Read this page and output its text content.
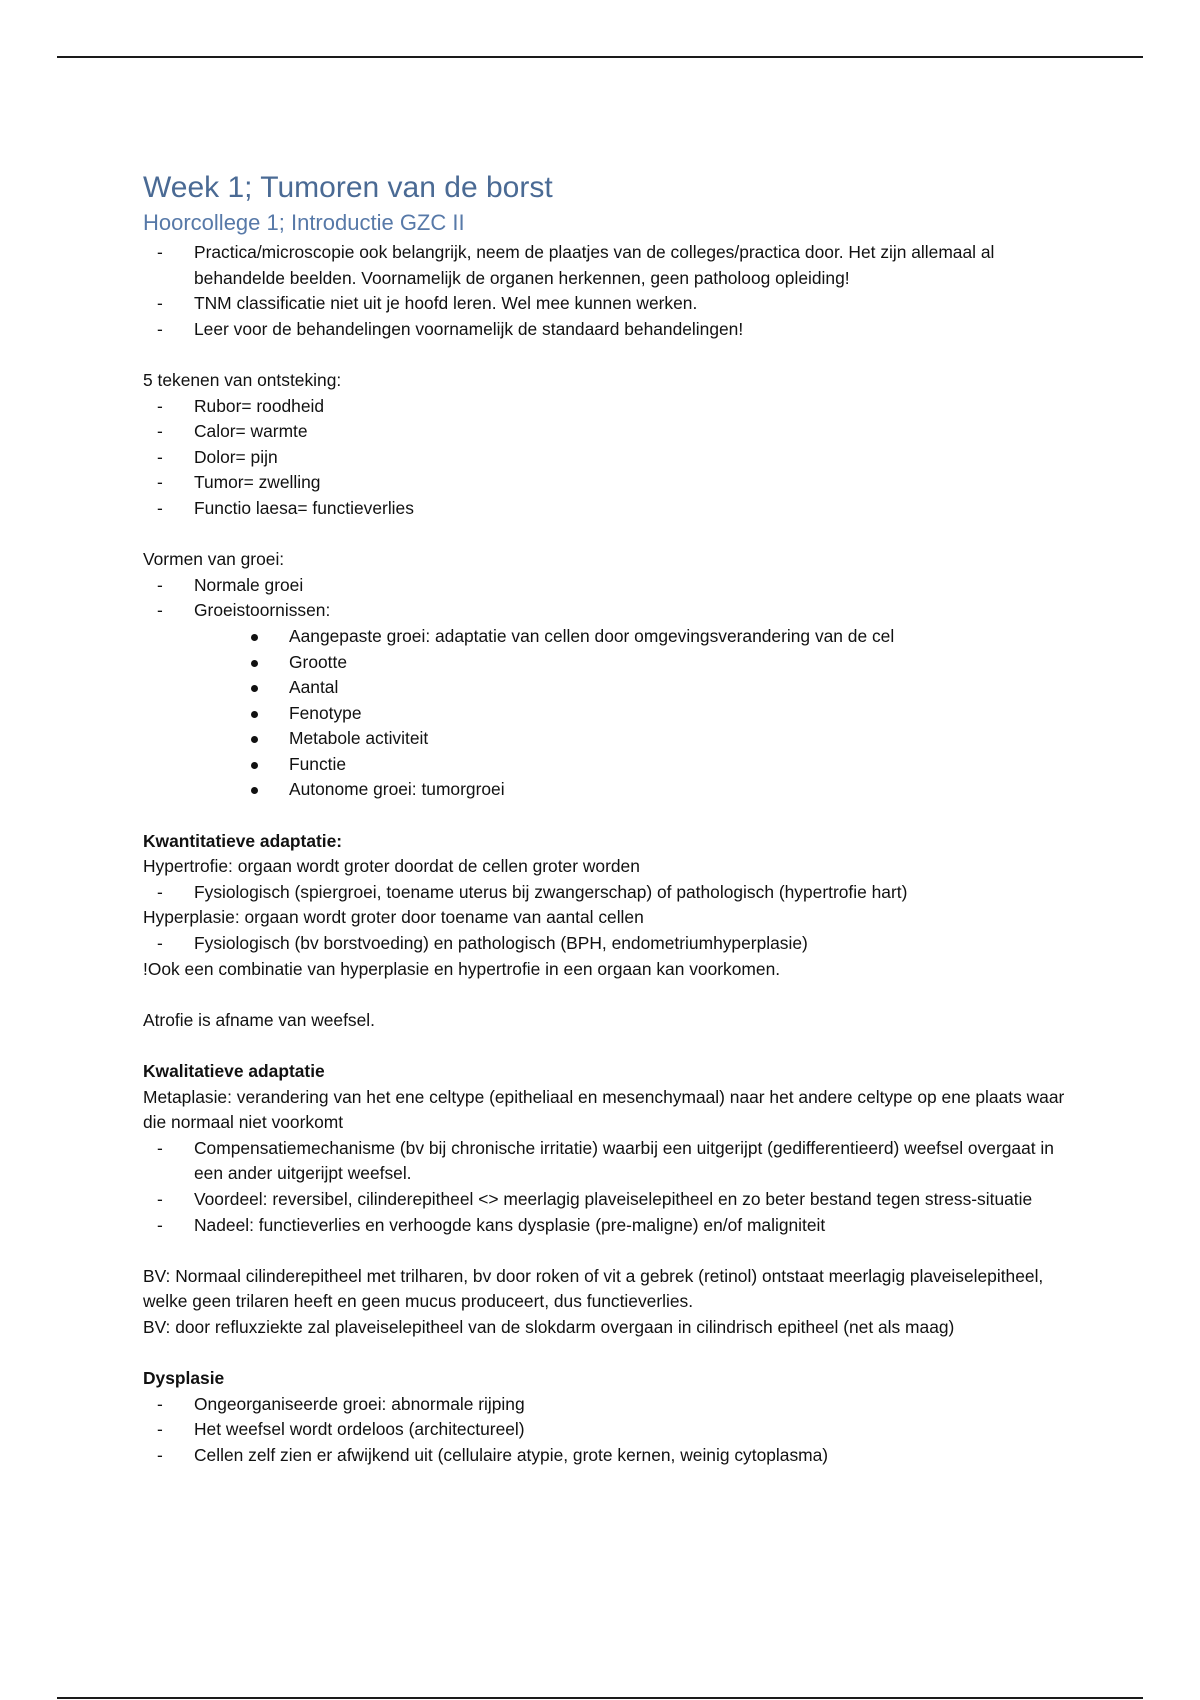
Week 1; Tumoren van de borst
Hoorcollege 1; Introductie GZC II
- Practica/microscopie ook belangrijk, neem de plaatjes van de colleges/practica door. Het zijn allemaal al behandelde beelden. Voornamelijk de organen herkennen, geen patholoog opleiding!
- TNM classificatie niet uit je hoofd leren. Wel mee kunnen werken.
- Leer voor de behandelingen voornamelijk de standaard behandelingen!

5 tekenen van ontsteking:

- Rubor= roodheid
- Calor= warmte
- Dolor= pijn
- Tumor= zwelling
- Functio laesa= functieverlies

Vormen van groei:

- Normale groei
- Groeistoornissen:
Aangepaste groei: adaptatie van cellen door omgevingsverandering van de cel
Grootte
Aantal
Fenotype
Metabole activiteit
Functie
Autonome groei: tumorgroei

Kwantitatieve adaptatie:

Hypertrofie: orgaan wordt groter doordat de cellen groter worden

- Fysiologisch (spiergroei, toename uterus bij zwangerschap) of pathologisch (hypertrofie hart)

Hyperplasie: orgaan wordt groter door toename van aantal cellen

- Fysiologisch (bv borstvoeding) en pathologisch (BPH, endometriumhyperplasie)

!Ook een combinatie van hyperplasie en hypertrofie in een orgaan kan voorkomen.

Atrofie is afname van weefsel.

Kwalitatieve adaptatie

Metaplasie: verandering van het ene celtype (epitheliaal en mesenchymaal) naar het andere celtype op ene plaats waar die normaal niet voorkomt

- Compensatiemechanisme (bv bij chronische irritatie) waarbij een uitgerijpt (gedifferentieerd) weefsel overgaat in een ander uitgerijpt weefsel.
- Voordeel: reversibel, cilinderepitheel <> meerlagig plaveiselepitheel en zo beter bestand tegen stress-situatie
- Nadeel: functieverlies en verhoogde kans dysplasie (pre-maligne) en/of maligniteit

BV: Normaal cilinderepitheel met trilharen, bv door roken of vit a gebrek (retinol) ontstaat meerlagig plaveiselepitheel, welke geen trilaren heeft en geen mucus produceert, dus functieverlies.

BV: door refluxziekte zal plaveiselepitheel van de slokdarm overgaan in cilindrisch epitheel (net als maag)

Dysplasie

- Ongeorganiseerde groei: abnormale rijping
- Het weefsel wordt ordeloos (architectureel)
- Cellen zelf zien er afwijkend uit (cellulaire atypie, grote kernen, weinig cytoplasma)
